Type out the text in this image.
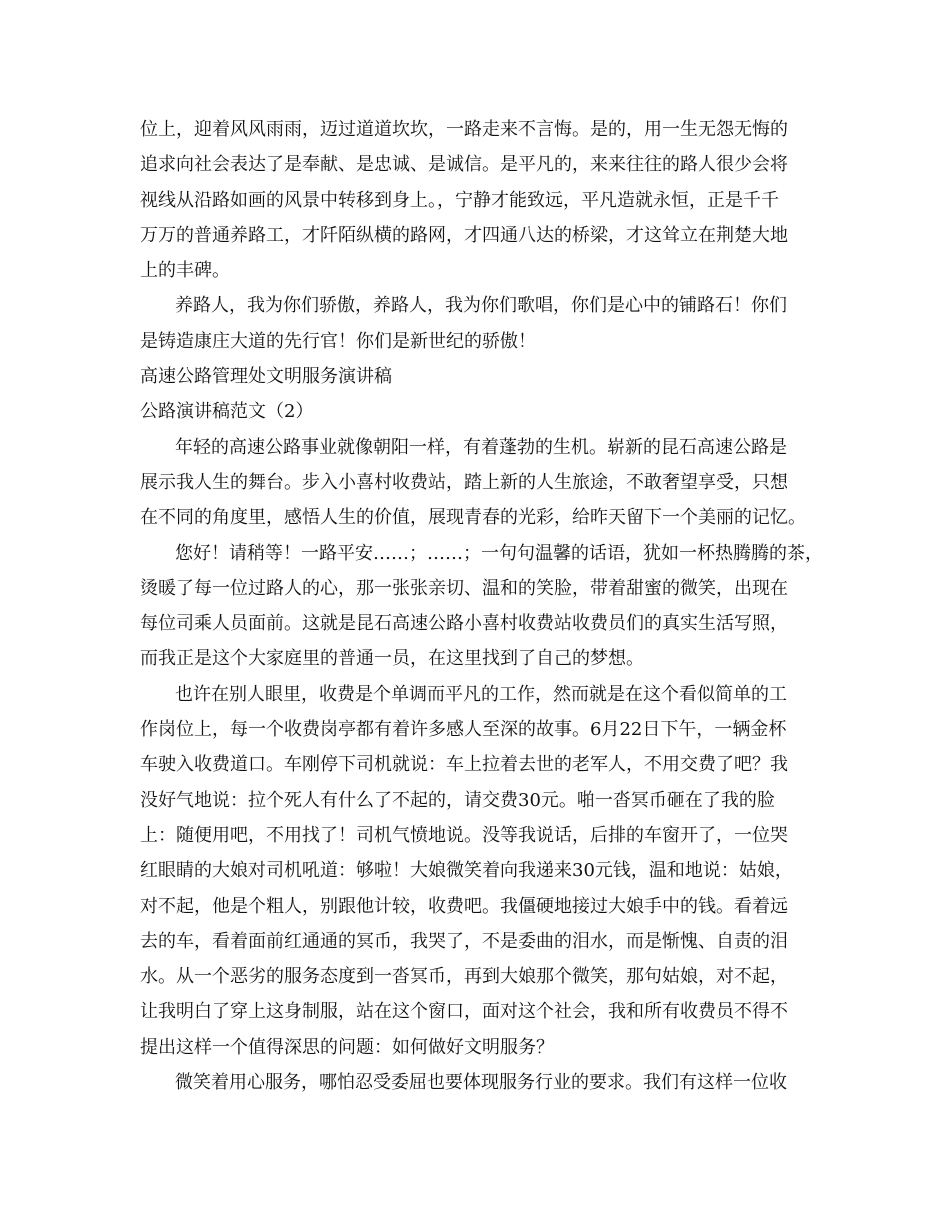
位上，迎着风风雨雨，迈过道道坎坎，一路走来不言悔。是的，用一生无怨无悔的
追求向社会表达了是奉献、是忠诚、是诚信。是平凡的，来来往往的路人很少会将
视线从沿路如画的风景中转移到身上。，宁静才能致远，平凡造就永恒，正是千千
万万的普通养路工，才阡陌纵横的路网，才四通八达的桥梁，才这耸立在荆楚大地
上的丰碑。
养路人，我为你们骄傲，养路人，我为你们歌唱，你们是心中的铺路石！你们
是铸造康庄大道的先行官！你们是新世纪的骄傲！
高速公路管理处文明服务演讲稿
公路演讲稿范文（2）
年轻的高速公路事业就像朝阳一样，有着蓬勃的生机。崭新的昆石高速公路是
展示我人生的舞台。步入小喜村收费站，踏上新的人生旅途，不敢奢望享受，只想
在不同的角度里，感悟人生的价值，展现青春的光彩，给昨天留下一个美丽的记忆。
您好！请稍等！一路平安……；……；一句句温馨的话语，犹如一杯热腾腾的茶，
烫暖了每一位过路人的心，那一张张亲切、温和的笑脸，带着甜蜜的微笑，出现在
每位司乘人员面前。这就是昆石高速公路小喜村收费站收费员们的真实生活写照，
而我正是这个大家庭里的普通一员，在这里找到了自己的梦想。
也许在别人眼里，收费是个单调而平凡的工作，然而就是在这个看似简单的工
作岗位上，每一个收费岗亭都有着许多感人至深的故事。6月22日下午，一辆金杯
车驶入收费道口。车刚停下司机就说：车上拉着去世的老军人，不用交费了吧？我
没好气地说：拉个死人有什么了不起的，请交费30元。啪一沓冥币砸在了我的脸
上：随便用吧，不用找了！司机气愤地说。没等我说话，后排的车窗开了，一位哭
红眼睛的大娘对司机吼道：够啦！大娘微笑着向我递来30元钱，温和地说：姑娘，
对不起，他是个粗人，别跟他计较，收费吧。我僵硬地接过大娘手中的钱。看着远
去的车，看着面前红通通的冥币，我哭了，不是委曲的泪水，而是惭愧、自责的泪
水。从一个恶劣的服务态度到一沓冥币，再到大娘那个微笑，那句姑娘，对不起，
让我明白了穿上这身制服，站在这个窗口，面对这个社会，我和所有收费员不得不
提出这样一个值得深思的问题：如何做好文明服务？
微笑着用心服务，哪怕忍受委屈也要体现服务行业的要求。我们有这样一位收
